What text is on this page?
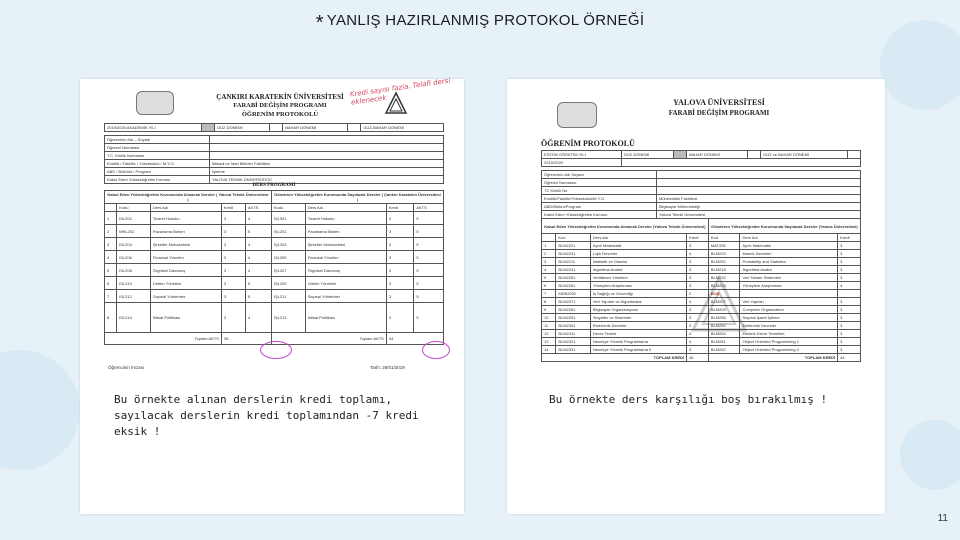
* YANLIŞ HAZIRLANMIŞ PROTOKOL ÖRNEĞİ
ÇANKIRI KARATEKİN ÜNİVERSİTESİ
FARABİ DEĞİŞİM PROGRAMI
ÖĞRENİM PROTOKOLÜ
Kredi sayısı fazla. Telafi dersi eklenecek
2019/2020 AKADEMİK YILI		GÜZ DÖNEMİ		BAHAR DÖNEMİ		GÜZ-BAHAR DÖNEMİ
Öğrencinin Adı – Soyadı	
Öğrenci Numarası	
T.C. Kimlik Numarası	
Enstitü / Fakülte / Yüksekokul / M.Y.O.	İktisadi ve İdari Bilimler Fakültesi
ABD / Bölümü / Program	İşletme
Kabul Eden Yükseköğretim Kurumu	YALOVA TEKNİK ÜNİVERSİTESİ
DERS PROGRAMI
Kabul Eden Yükseköğretim Kurumunda Alınacak Dersler ( Yalova Teknik Üniversitesi )					Gönderen Yükseköğretim Kurumunda Sayılacak Dersler ( Çankırı Karatekin Üniversitesi )			
	Kodu	Ders Adı	Kredi	AKTS	Kodu	Ders Adı	Kredi	AKTS
1	ISL202	Ticaret Hukuku	3	4	İŞL901	Ticaret Hukuku	3	5
2	MRL202	Pazarlama İlkeleri	3	5	İŞL201	Pazarlama İlkeleri	3	5
3	ISL204	Şirketler Muhasebesi	3	4	İŞL203	Şirketler Muhasebesi	3	5
4	ISL206	Finansal Yönetim	3	4	İŞL205	Finansal Yönetim	3	5
5	ISL208	Örgütsel Davranış	3	4	İŞL207	Örgütsel Davranış	3	5
6	ISL210	Üretim Yönetimi	3	5	İŞL209	Üretim Yönetimi	3	5
7	ISL212	Sayısal Yöntemler	3	5	İŞL211	Sayısal Yöntemler	3	5
8	ISL214	İktisat Politikası	3	4	İŞL213	İktisat Politikası	3	5
Toplam AKTS			35		Toplam AKTS		44	
Öğrencinin İmzası	Tarih: 28/01/2019
Bu örnekte alınan derslerin kredi toplamı, sayılacak derslerin kredi toplamından -7 kredi eksik !
YALOVA ÜNİVERSİTESİ
FARABİ DEĞİŞİM PROGRAMI
ÖĞRENİM PROTOKOLÜ
EĞİTİM ÖĞRETİM YILI	GÜZ DÖNEMİ		BAHAR DÖNEMİ		GÜZ ve BAHAR DÖNEMİ	
2019/2020						
Öğrencinin Adı Soyadı	
Öğrenci Numarası	
TC Kimlik No	
Enstitü/Fakülte/Yüksekokul/M.Y.O.	Mühendislik Fakültesi
ABD/Bölüm/Program	Bilgisayar Mühendisliği
Kabul Eden Yükseköğretim Kurumu	Yalova Teknik Üniversitesi
Kabul Eden Yükseköğretim Kurumunda Alınacak Dersler (Yalova Teknik Üniversitesi)				Gönderen Yükseköğretim Kurumunda Sayılacak Dersler (Yalova Üniversitesi)		
	Kod	Ders Adı	Kredi	Kod	Ders Adı	Kredi
1	BLM2221	Ayrık Matematik	3	MAT205	Ayrık Matematik	3
2	BLM2231	Lojik Devreler	4	BLM225	Mantık Devreleri	3
3	BLM2211	İstatistik ve Olasılık	3	BLM252	Probability and Statistics	3
4	BLM2241	Algoritma Analizi	3	BLM218	Algoritma Analizi	3
5	BLM2251	Veritabanı Yönetimi	3	BLM232	Veri Tabanı Sistemleri	3
6	BLM2261	Yöneylem Araştırması	3	BLM203	Yöneylem Araştırması	4
7	MDB2052	İş Sağlığı ve Güvenliği	2	BOŞ		
8	BLM2071	Veri Yapıları ve Algoritmalar	4	BLM207	Veri Yapıları	3
9	BLM2281	Bilgisayar Organizasyonu	3	BLM209	Computer Organization	3
10	BLM2291	Sinyaller ve Sistemler	3	BLM256	Sayısal İşaret İşleme	3
11	BLM2301	Elektronik Devreler	3	BLM250	Elektronik Devreler	3
12	BLM2311	Devre Teorisi	4	BLM264	Elektrik Devre Temelleri	3
13	BLM2321	Nesneye Yönelik Programlama	4	BLM261	Object Oriented Programming 1	3
14	BLM2331	Nesneye Yönelik Programlama II	3	BLM262	Object Oriented Programming 2	3
TOPLAM KREDİ			46	TOPLAM KREDİ		44
Bu örnekte ders karşılığı boş bırakılmış !
11
